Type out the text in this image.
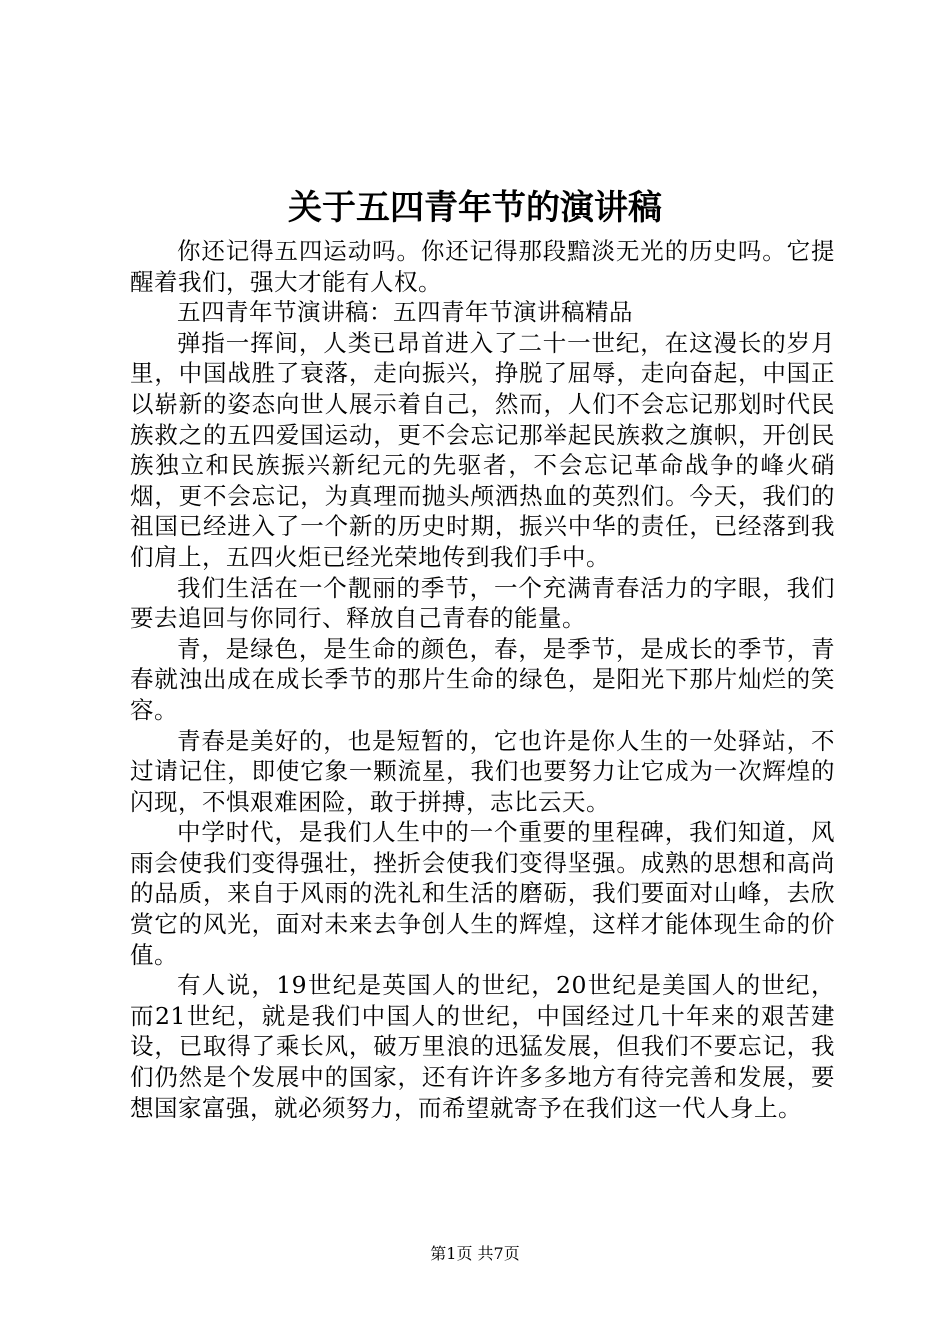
关于五四青年节的演讲稿

你还记得五四运动吗。你还记得那段黯淡无光的历史吗。它提醒着我们，强大才能有人权。

五四青年节演讲稿：五四青年节演讲稿精品

弹指一挥间，人类已昂首进入了二十一世纪，在这漫长的岁月里，中国战胜了衰落，走向振兴，挣脱了屈辱，走向奋起，中国正以崭新的姿态向世人展示着自己，然而，人们不会忘记那划时代民族救之的五四爱国运动，更不会忘记那举起民族救之旗帜，开创民族独立和民族振兴新纪元的先驱者，不会忘记革命战争的峰火硝烟，更不会忘记，为真理而抛头颅洒热血的英烈们。今天，我们的祖国已经进入了一个新的历史时期，振兴中华的责任，已经落到我们肩上，五四火炬已经光荣地传到我们手中。

我们生活在一个靓丽的季节，一个充满青春活力的字眼，我们要去追回与你同行、释放自己青春的能量。

青，是绿色，是生命的颜色，春，是季节，是成长的季节，青春就浊出成在成长季节的那片生命的绿色，是阳光下那片灿烂的笑容。

青春是美好的，也是短暂的，它也许是你人生的一处驿站，不过请记住，即使它象一颗流星，我们也要努力让它成为一次辉煌的闪现，不惧艰难困险，敢于拼搏，志比云天。

中学时代，是我们人生中的一个重要的里程碑，我们知道，风雨会使我们变得强壮，挫折会使我们变得坚强。成熟的思想和高尚的品质，来自于风雨的洗礼和生活的磨砺，我们要面对山峰，去欣赏它的风光，面对未来去争创人生的辉煌，这样才能体现生命的价值。

有人说，19世纪是英国人的世纪，20世纪是美国人的世纪，而21世纪，就是我们中国人的世纪，中国经过几十年来的艰苦建设，已取得了乘长风，破万里浪的迅猛发展，但我们不要忘记，我们仍然是个发展中的国家，还有许许多多地方有待完善和发展，要想国家富强，就必须努力，而希望就寄予在我们这一代人身上。

第1页 共7页
